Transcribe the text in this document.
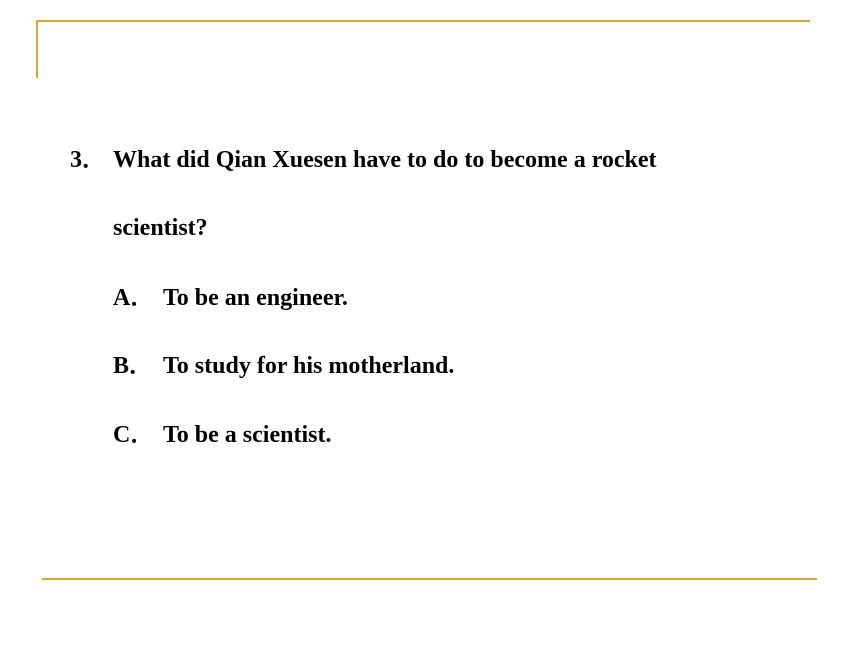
3． What did Qian Xuesen have to do to become a rocket
scientist?
A． To be an engineer.
B． To study for his motherland.
C． To be a scientist.
